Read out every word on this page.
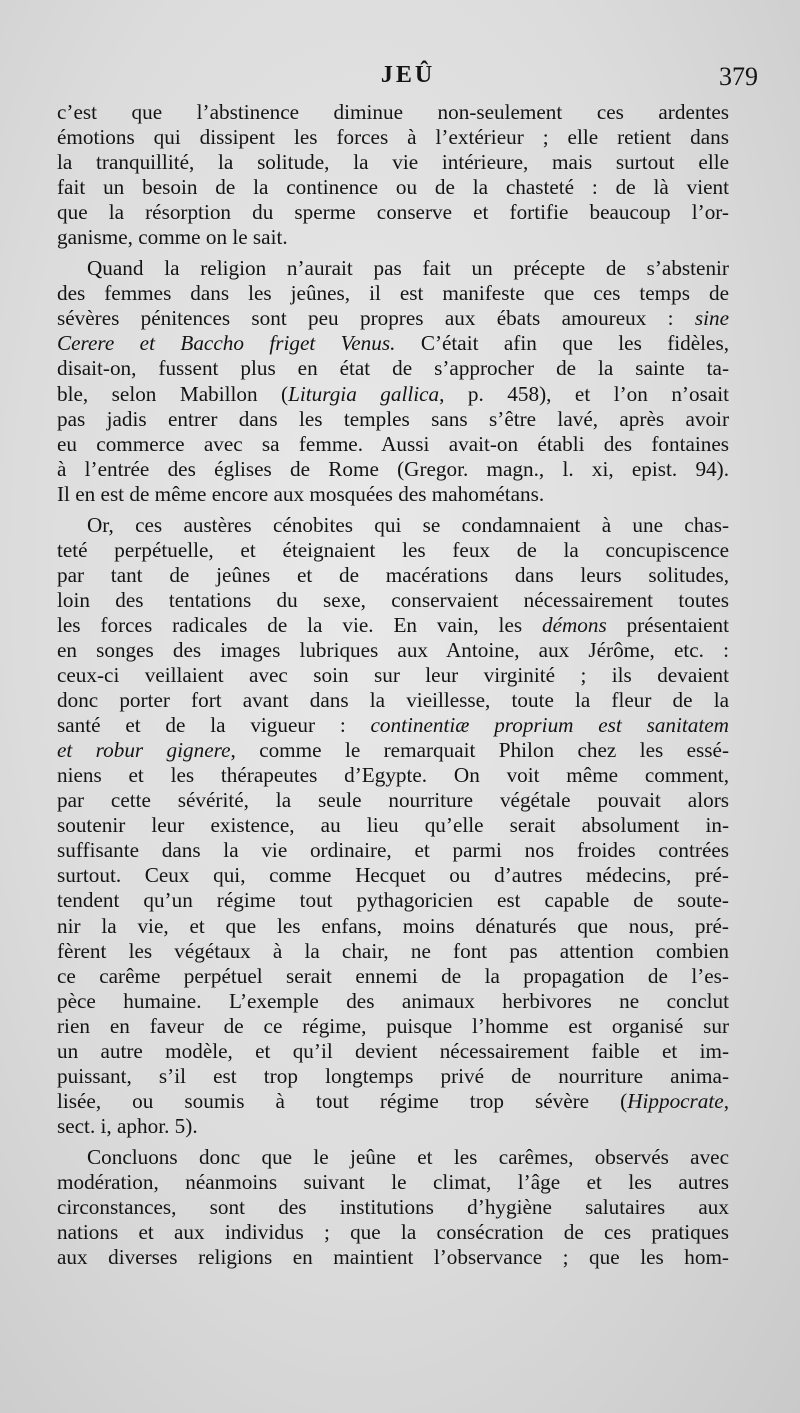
JEÛ	379
c’est que l’abstinence diminue non-seulement ces ardentes
émotions qui dissipent les forces à l’extérieur ; elle retient dans
la tranquillité, la solitude, la vie intérieure, mais surtout elle
fait un besoin de la continence ou de la chasteté : de là vient
que la résorption du sperme conserve et fortifie beaucoup l’or-
ganisme, comme on le sait.
Quand la religion n’aurait pas fait un précepte de s’abstenir
des femmes dans les jeûnes, il est manifeste que ces temps de
sévères pénitences sont peu propres aux ébats amoureux : sine
Cerere et Baccho friget Venus. C’était afin que les fidèles,
disait-on, fussent plus en état de s’approcher de la sainte ta-
ble, selon Mabillon (Liturgia gallica, p. 458), et l’on n’osait
pas jadis entrer dans les temples sans s’être lavé, après avoir
eu commerce avec sa femme. Aussi avait-on établi des fontaines
à l’entrée des églises de Rome (Gregor. magn., l. xi, epist. 94).
Il en est de même encore aux mosquées des mahométans.
Or, ces austères cénobites qui se condamnaient à une chas-
teté perpétuelle, et éteignaient les feux de la concupiscence
par tant de jeûnes et de macérations dans leurs solitudes,
loin des tentations du sexe, conservaient nécessairement toutes
les forces radicales de la vie. En vain, les démons présentaient
en songes des images lubriques aux Antoine, aux Jérôme, etc. :
ceux-ci veillaient avec soin sur leur virginité ; ils devaient
donc porter fort avant dans la vieillesse, toute la fleur de la
santé et de la vigueur : continentiæ proprium est sanitatem
et robur gignere, comme le remarquait Philon chez les essé-
niens et les thérapeutes d’Egypte. On voit même comment,
par cette sévérité, la seule nourriture végétale pouvait alors
soutenir leur existence, au lieu qu’elle serait absolument in-
suffisante dans la vie ordinaire, et parmi nos froides contrées
surtout. Ceux qui, comme Hecquet ou d’autres médecins, pré-
tendent qu’un régime tout pythagoricien est capable de soute-
nir la vie, et que les enfans, moins dénaturés que nous, pré-
fèrent les végétaux à la chair, ne font pas attention combien
ce carême perpétuel serait ennemi de la propagation de l’es-
pèce humaine. L’exemple des animaux herbivores ne conclut
rien en faveur de ce régime, puisque l’homme est organisé sur
un autre modèle, et qu’il devient nécessairement faible et im-
puissant, s’il est trop longtemps privé de nourriture anima-
lisée, ou soumis à tout régime trop sévère (Hippocrate,
sect. i, aphor. 5).
Concluons donc que le jeûne et les carêmes, observés avec
modération, néanmoins suivant le climat, l’âge et les autres
circonstances, sont des institutions d’hygiène salutaires aux
nations et aux individus ; que la consécration de ces pratiques
aux diverses religions en maintient l’observance ; que les hom-
